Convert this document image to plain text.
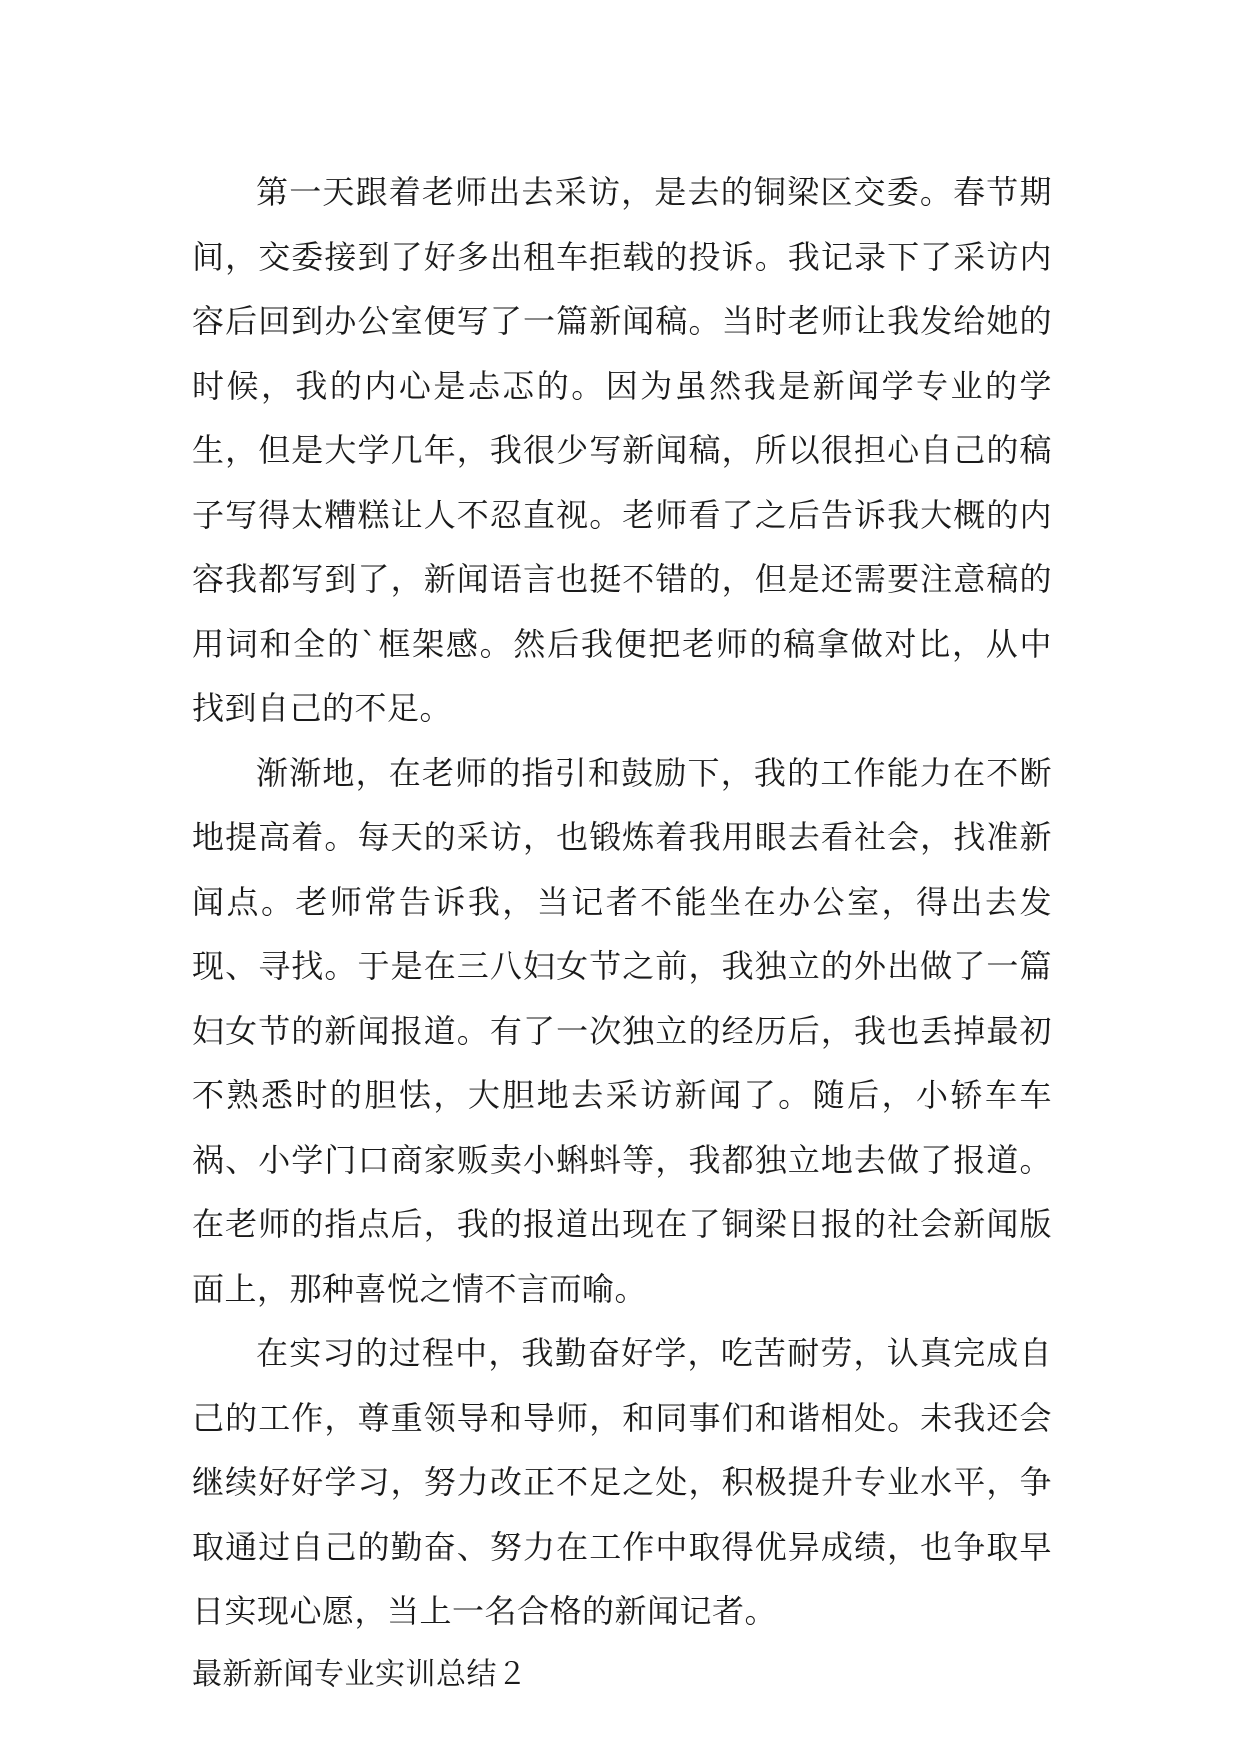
第一天跟着老师出去采访，是去的铜梁区交委。春节期间，交委接到了好多出租车拒载的投诉。我记录下了采访内容后回到办公室便写了一篇新闻稿。当时老师让我发给她的时候，我的内心是忐忑的。因为虽然我是新闻学专业的学生，但是大学几年，我很少写新闻稿，所以很担心自己的稿子写得太糟糕让人不忍直视。老师看了之后告诉我大概的内容我都写到了，新闻语言也挺不错的，但是还需要注意稿的用词和全的`框架感。然后我便把老师的稿拿做对比，从中找到自己的不足。

渐渐地，在老师的指引和鼓励下，我的工作能力在不断地提高着。每天的采访，也锻炼着我用眼去看社会，找准新闻点。老师常告诉我，当记者不能坐在办公室，得出去发现、寻找。于是在三八妇女节之前，我独立的外出做了一篇妇女节的新闻报道。有了一次独立的经历后，我也丢掉最初不熟悉时的胆怯，大胆地去采访新闻了。随后，小轿车车祸、小学门口商家贩卖小蝌蚪等，我都独立地去做了报道。在老师的指点后，我的报道出现在了铜梁日报的社会新闻版面上，那种喜悦之情不言而喻。

在实习的过程中，我勤奋好学，吃苦耐劳，认真完成自己的工作，尊重领导和导师，和同事们和谐相处。未我还会继续好好学习，努力改正不足之处，积极提升专业水平，争取通过自己的勤奋、努力在工作中取得优异成绩，也争取早日实现心愿，当上一名合格的新闻记者。

最新新闻专业实训总结２
